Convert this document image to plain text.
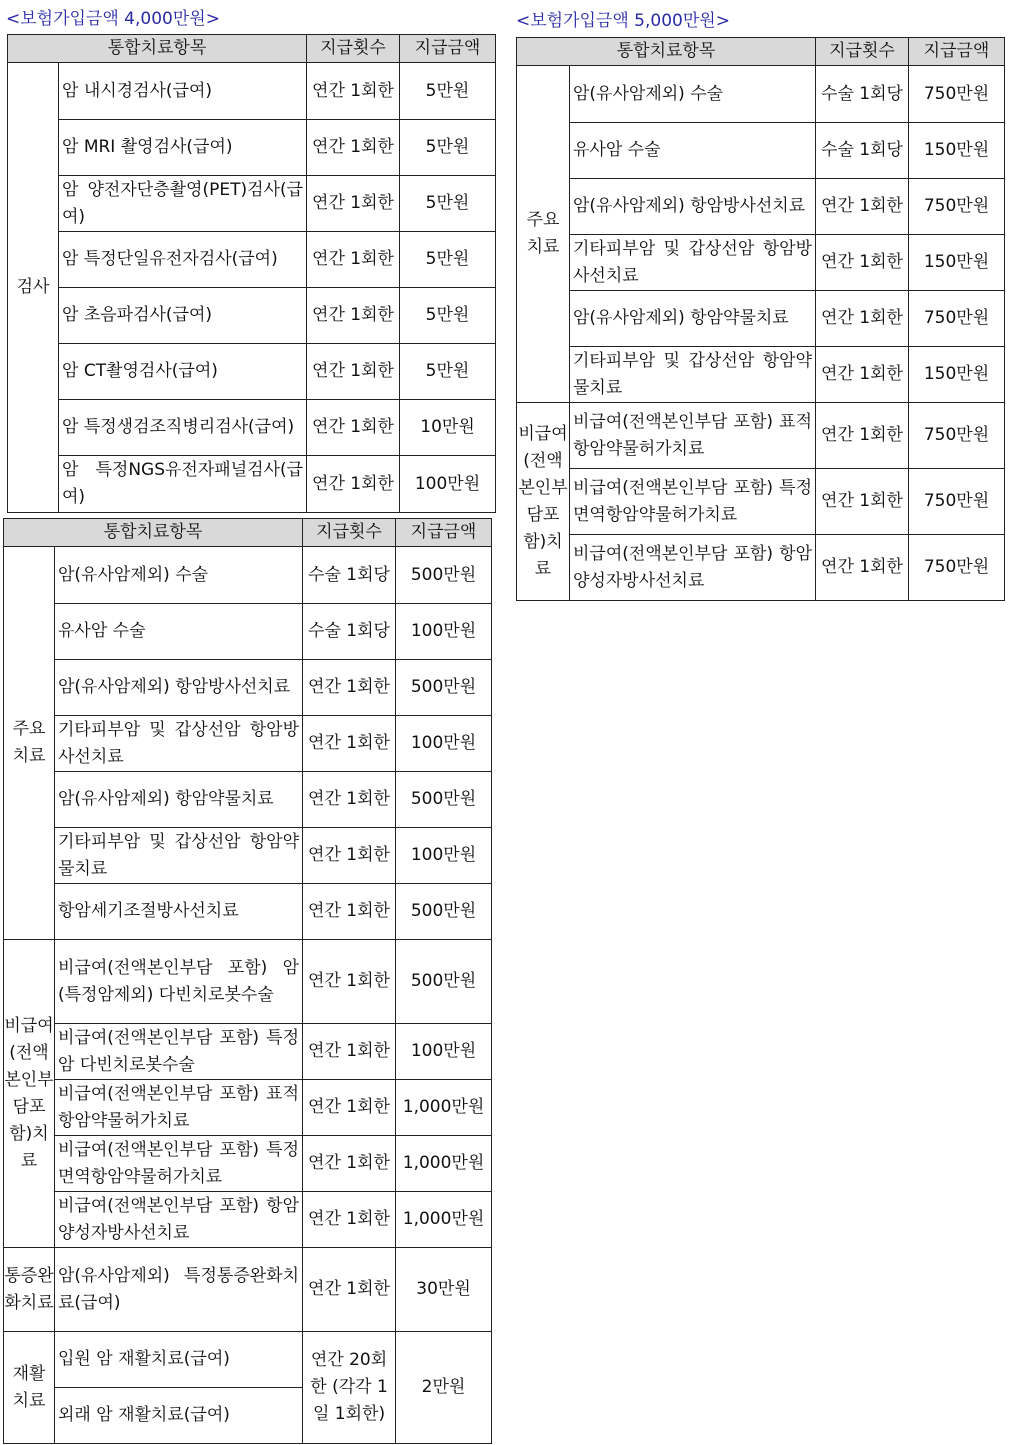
<보험가입금액 4,000만원>	<보험가입금액 5,000만원>
통합치료항목		지급횟수	지급금액
검사	암 내시경검사(급여)	연간 1회한	5만원
	암 MRI 촬영검사(급여)	연간 1회한	5만원
	암 양전자단층촬영(PET)검사(급여)	연간 1회한	5만원
	암 특정단일유전자검사(급여)	연간 1회한	5만원
	암 초음파검사(급여)	연간 1회한	5만원
	암 CT촬영검사(급여)	연간 1회한	5만원
	암 특정생검조직병리검사(급여)	연간 1회한	10만원
	암 특정NGS유전자패널검사(급여)	연간 1회한	100만원
통합치료항목		지급횟수	지급금액
주요 치료	암(유사암제외) 수술	수술 1회당	500만원
	유사암 수술	수술 1회당	100만원
	암(유사암제외) 항암방사선치료	연간 1회한	500만원
	기타피부암 및 갑상선암 항암방사선치료	연간 1회한	100만원
	암(유사암제외) 항암약물치료	연간 1회한	500만원
	기타피부암 및 갑상선암 항암약물치료	연간 1회한	100만원
	항암세기조절방사선치료	연간 1회한	500만원
비급여(전액본인부담포함)치료	비급여(전액본인부담 포함) 암(특정암제외) 다빈치로봇수술	연간 1회한	500만원
	비급여(전액본인부담 포함) 특정암 다빈치로봇수술	연간 1회한	100만원
	비급여(전액본인부담 포함) 표적항암약물허가치료	연간 1회한	1,000만원
	비급여(전액본인부담 포함) 특정면역항암약물허가치료	연간 1회한	1,000만원
	비급여(전액본인부담 포함) 항암양성자방사선치료	연간 1회한	1,000만원
통증완화치료	암(유사암제외) 특정통증완화치료(급여)	연간 1회한	30만원
재활 치료	입원 암 재활치료(급여)	연간 20회한 (각각 1일 1회한)	2만원
	외래 암 재활치료(급여)		
통합치료항목		지급횟수	지급금액
주요 치료	암(유사암제외) 수술	수술 1회당	750만원
	유사암 수술	수술 1회당	150만원
	암(유사암제외) 항암방사선치료	연간 1회한	750만원
	기타피부암 및 갑상선암 항암방사선치료	연간 1회한	150만원
	암(유사암제외) 항암약물치료	연간 1회한	750만원
	기타피부암 및 갑상선암 항암약물치료	연간 1회한	150만원
비급여(전액본인부담포함)치료	비급여(전액본인부담 포함) 표적항암약물허가치료	연간 1회한	750만원
	비급여(전액본인부담 포함) 특정면역항암약물허가치료	연간 1회한	750만원
	비급여(전액본인부담 포함) 항암양성자방사선치료	연간 1회한	750만원
